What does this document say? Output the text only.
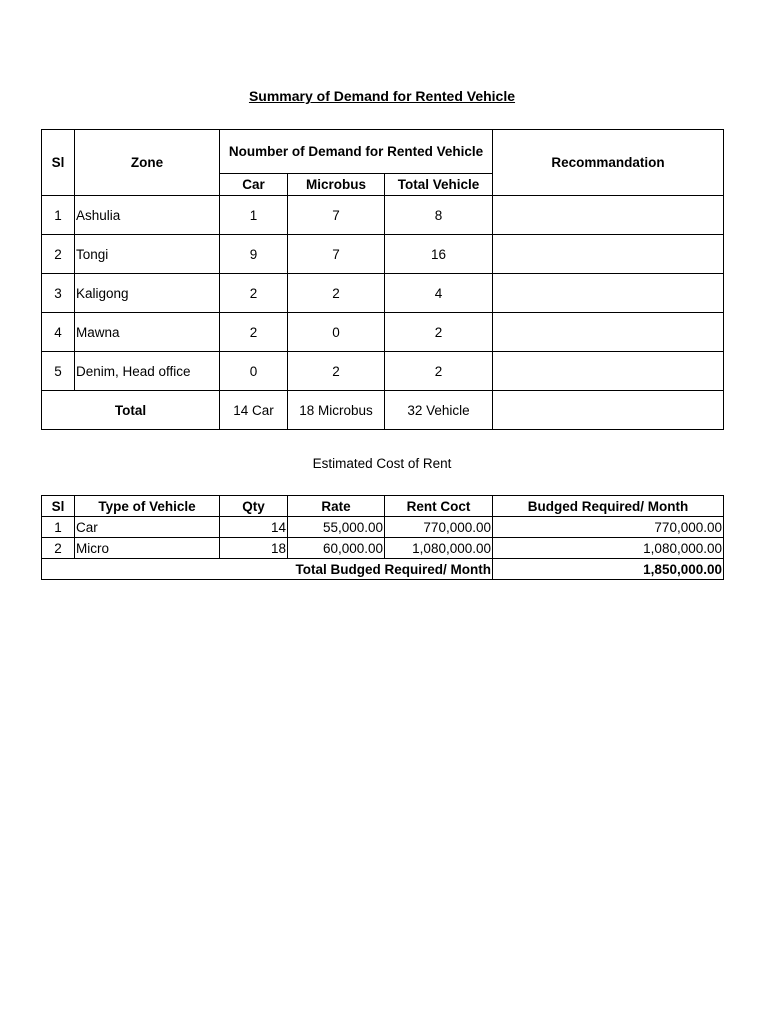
Summary of Demand for Rented Vehicle
Sl	Zone	Noumber of Demand for Rented Vehicle			Recommandation
		Car	Microbus	Total Vehicle	
1	Ashulia	1	7	8	
2	Tongi	9	7	16	
3	Kaligong	2	2	4	
4	Mawna	2	0	2	
5	Denim, Head office	0	2	2	
Total		14 Car	18 Microbus	32 Vehicle	
Estimated Cost of Rent
Sl	Type of Vehicle	Qty	Rate	Rent Coct	Budged Required/ Month
1	Car	14	55,000.00	770,000.00	770,000.00
2	Micro	18	60,000.00	1,080,000.00	1,080,000.00
Total Budged Required/ Month					1,850,000.00
